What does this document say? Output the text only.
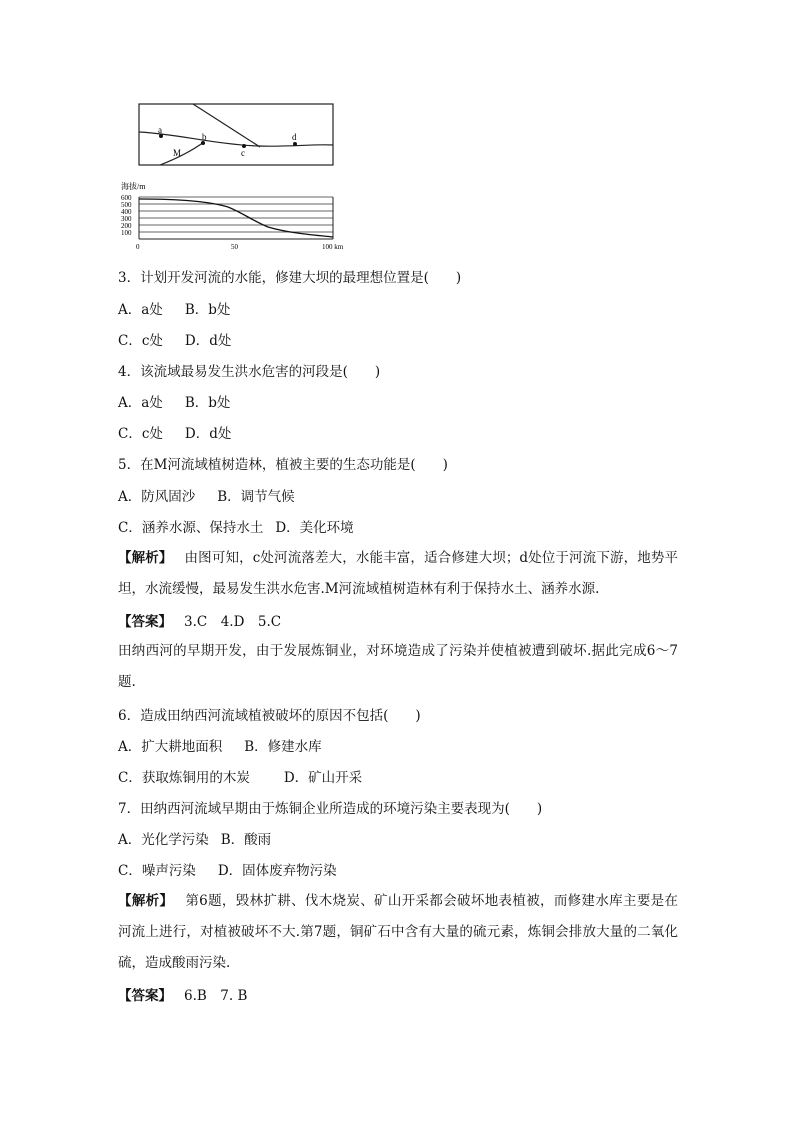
a
b
c
d
M
海拔/m
600
500
400
300
200
100
0	50	100 km
3．计划开发河流的水能，修建大坝的最理想位置是(　　)
A．a处 B．b处
C．c处 D．d处
4．该流域最易发生洪水危害的河段是(　　)
A．a处 B．b处
C．c处 D．d处
5．在M河流域植树造林，植被主要的生态功能是(　　)
A．防风固沙 B．调节气候
C．涵养水源、保持水土 D．美化环境
【解析】 由图可知，c处河流落差大，水能丰富，适合修建大坝；d处位于河流下游，地势平坦，水流缓慢，最易发生洪水危害.M河流域植树造林有利于保持水土、涵养水源.
【答案】 3.C　4.D　5.C
田纳西河的早期开发，由于发展炼铜业，对环境造成了污染并使植被遭到破坏.据此完成6～7题.
6．造成田纳西河流域植被破坏的原因不包括(　　)
A．扩大耕地面积 B．修建水库
C．获取炼铜用的木炭	D．矿山开采
7．田纳西河流域早期由于炼铜企业所造成的环境污染主要表现为(　　)
A．光化学污染 B．酸雨
C．噪声污染 D．固体废弃物污染
【解析】 第6题，毁林扩耕、伐木烧炭、矿山开采都会破坏地表植被，而修建水库主要是在河流上进行，对植被破坏不大.第7题，铜矿石中含有大量的硫元素，炼铜会排放大量的二氧化硫，造成酸雨污染.
【答案】 6.B　7. B
